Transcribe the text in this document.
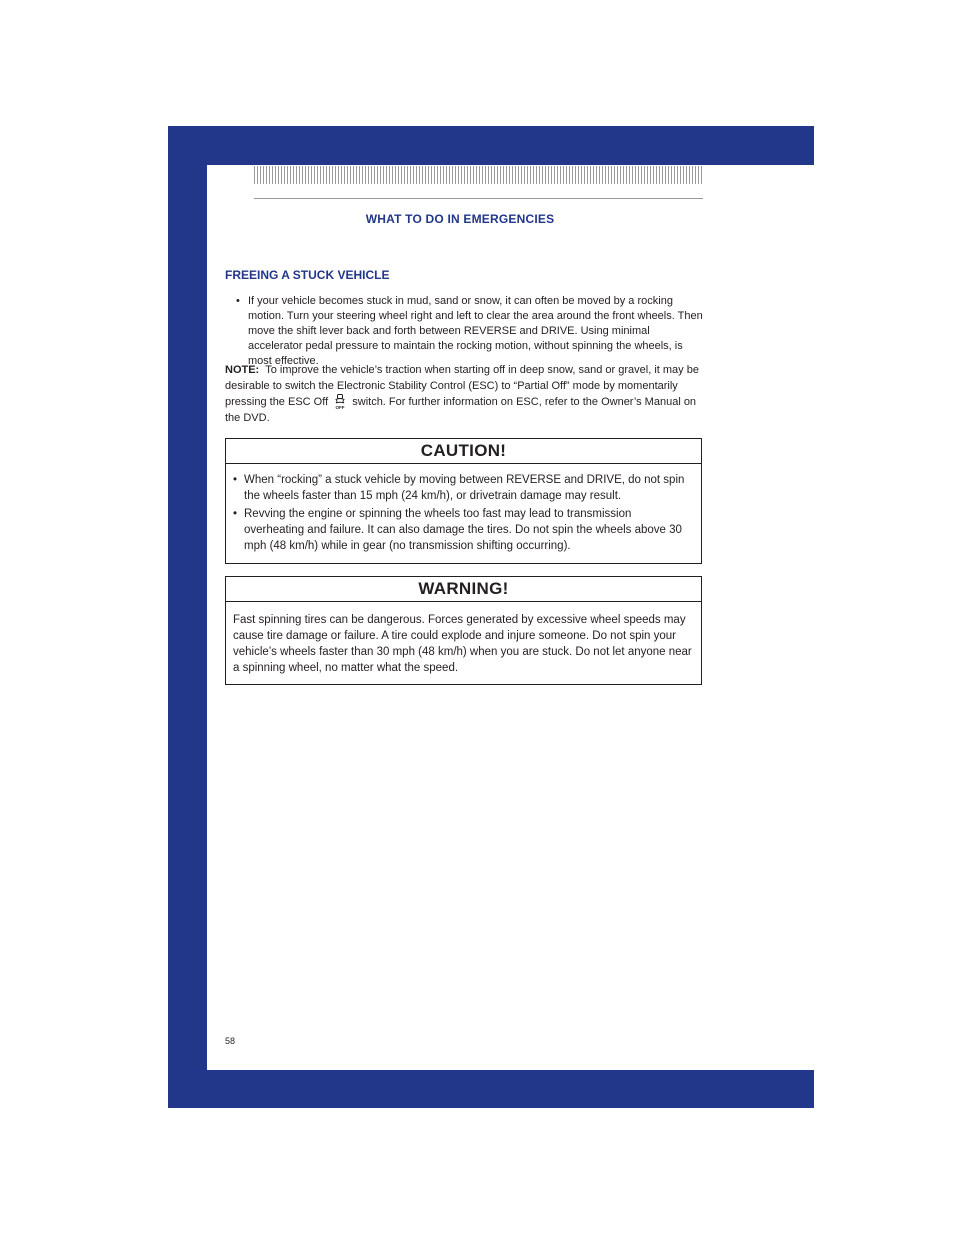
WHAT TO DO IN EMERGENCIES
FREEING A STUCK VEHICLE
• If your vehicle becomes stuck in mud, sand or snow, it can often be moved by a rocking motion. Turn your steering wheel right and left to clear the area around the front wheels. Then move the shift lever back and forth between REVERSE and DRIVE. Using minimal accelerator pedal pressure to maintain the rocking motion, without spinning the wheels, is most effective.
NOTE: To improve the vehicle’s traction when starting off in deep snow, sand or gravel, it may be desirable to switch the Electronic Stability Control (ESC) to “Partial Off” mode by momentarily pressing the ESC Off OFF switch. For further information on ESC, refer to the Owner’s Manual on the DVD.
CAUTION!
• When “rocking” a stuck vehicle by moving between REVERSE and DRIVE, do not spin the wheels faster than 15 mph (24 km/h), or drivetrain damage may result.
• Revving the engine or spinning the wheels too fast may lead to transmission overheating and failure. It can also damage the tires. Do not spin the wheels above 30 mph (48 km/h) while in gear (no transmission shifting occurring).
WARNING!
Fast spinning tires can be dangerous. Forces generated by excessive wheel speeds may cause tire damage or failure. A tire could explode and injure someone. Do not spin your vehicle’s wheels faster than 30 mph (48 km/h) when you are stuck. Do not let anyone near a spinning wheel, no matter what the speed.
58
